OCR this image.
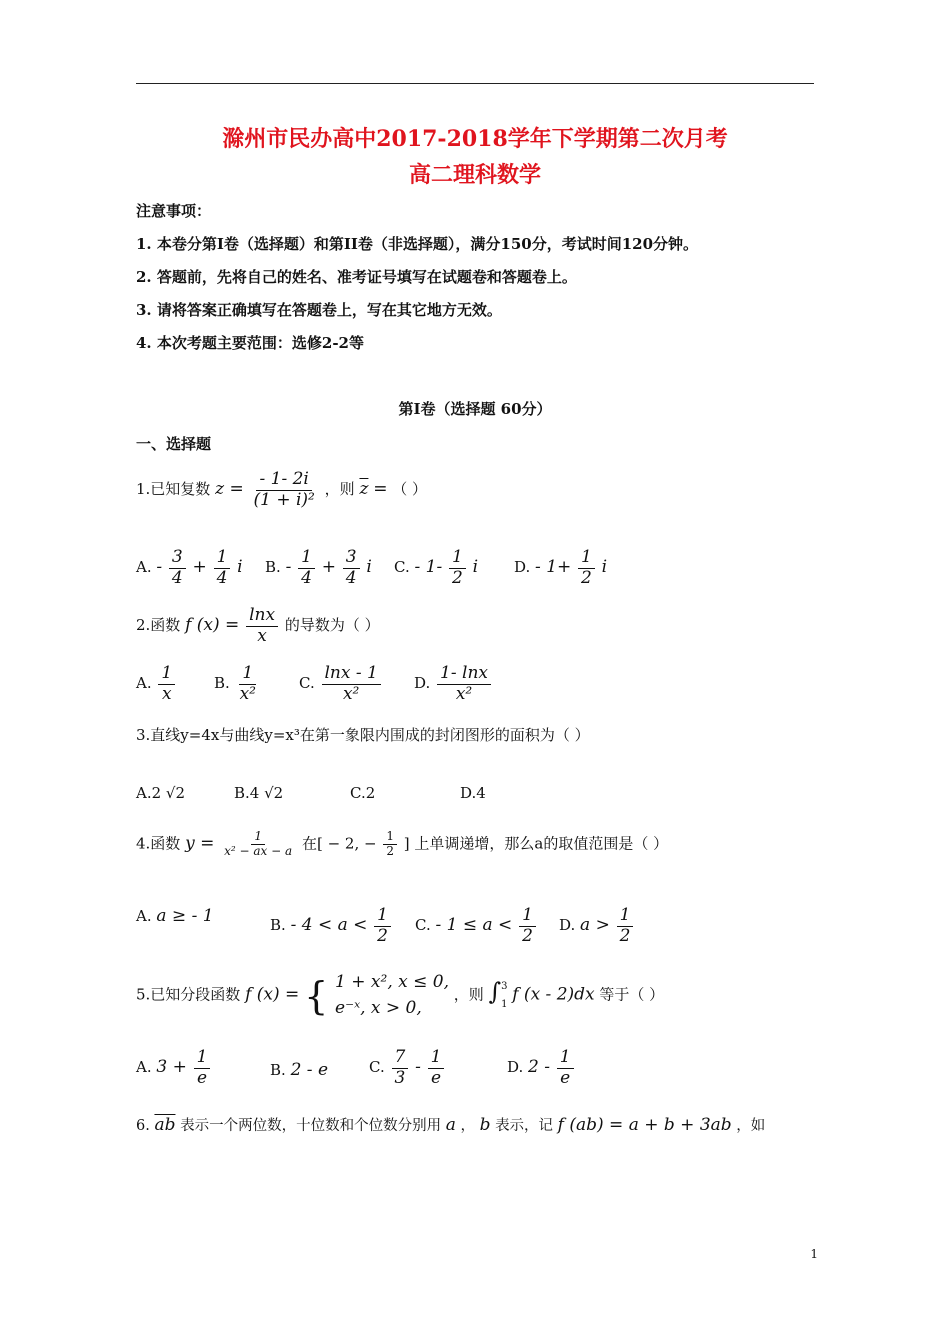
滁州市民办高中2017-2018学年下学期第二次月考
高二理科数学
注意事项：
1. 本卷分第I卷（选择题）和第II卷（非选择题），满分150分，考试时间120分钟。
2. 答题前，先将自己的姓名、准考证号填写在试题卷和答题卷上。
3. 请将答案正确填写在答题卷上，写在其它地方无效。
4. 本次考题主要范围：选修2-2等
第I卷（选择题 60分）
一、选择题
1.已知复数 $z = \frac{- 1- 2i}{\text{(1 + i)²}}$ ，则 $\overline{z}$ = （ ）
A. - $\frac{3}{4} + \frac{1}{4}$ i B. - $\frac{1}{4} + \frac{3}{4}$ i C. - $1- \frac{1}{2}$ i D. - $1+ \frac{1}{2}$ i
2.函数 f $(x) = \frac{\ln x}{x}$ 的导数为（ ）
A. $\frac{1}{x}$	B. $\frac{1}{\text{x²}}$	C. $\frac{\ln x - 1}{\text{x²}} D$. $\frac{1- \ln x}{\text{x²}}$
3.直线y=4x与曲线y=x³在第一象限内围成的封闭图形的面积为（ ）
A.2 √2	B.4 √2	C.2	D.4
4.函数 $y = \frac{1}{\text{x² − ax − a}}$ 在[ − 2, − $\frac{1}{2}$ ] 上单调递增，那么a的取值范围是（ ）
A. a ≥ - 1	B. - $4 < a < \frac{1}{2} C$. - $1 \le a < \frac{1}{2} D$. $a > \frac{1}{2}$
5.已知分段函数 f (x) = { 1 + x², x ≤ 0,
e⁻ˣ, x > 0,
，则 ∫ 3
1 f (x - 2)dx 等于（ ）
A. $3 + \frac{1}{e}$	B. 2 - e	C. $\frac{7}{3} - \frac{1}{e}$	D. $2 - \frac{1}{e}$
6. $\overline{ab}$ 表示一个两位数，十位数和个位数分别用 a ， b 表示，记 f (ab) = a + b + 3ab ，如
1
